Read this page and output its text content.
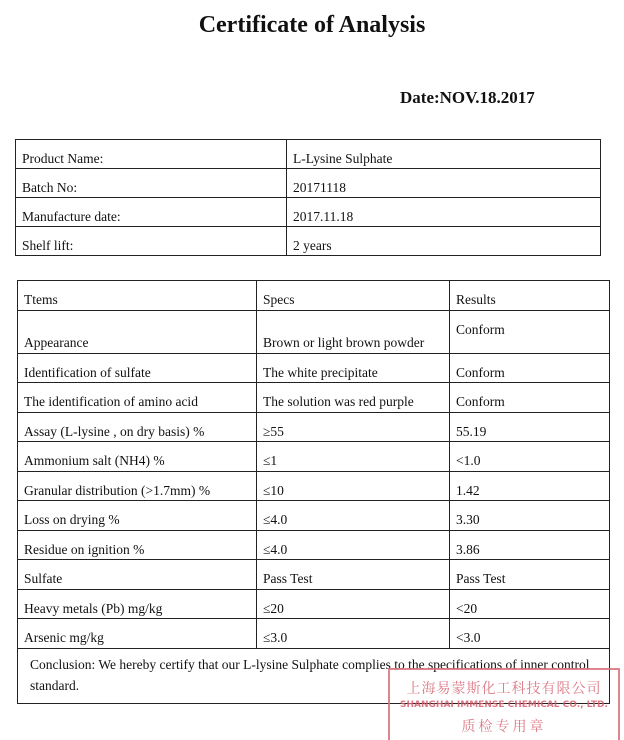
Certificate of Analysis
Date:NOV.18.2017
Product Name:	L-Lysine Sulphate
Batch No:	20171118
Manufacture date:	2017.11.18
Shelf lift:	2 years
Ttems	Specs	Results
Appearance	Brown or light brown powder	Conform
Identification of sulfate	The white precipitate	Conform
The identification of amino acid	The solution was red purple	Conform
Assay (L-lysine , on dry basis) %	≥55	55.19
Ammonium salt (NH4) %	≤1	<1.0
Granular distribution (>1.7mm) %	≤10	1.42
Loss on drying %	≤4.0	3.30
Residue on ignition %	≤4.0	3.86
Sulfate	Pass Test	Pass Test
Heavy metals (Pb) mg/kg	≤20	<20
Arsenic mg/kg	≤3.0	<3.0
Conclusion: We hereby certify that our L-lysine Sulphate complies to the specifications of inner control standard.			上海易蒙斯化工科技有限公司
SHANGHAI IMMENSE CHEMICAL CO., LTD.
质检专用章
